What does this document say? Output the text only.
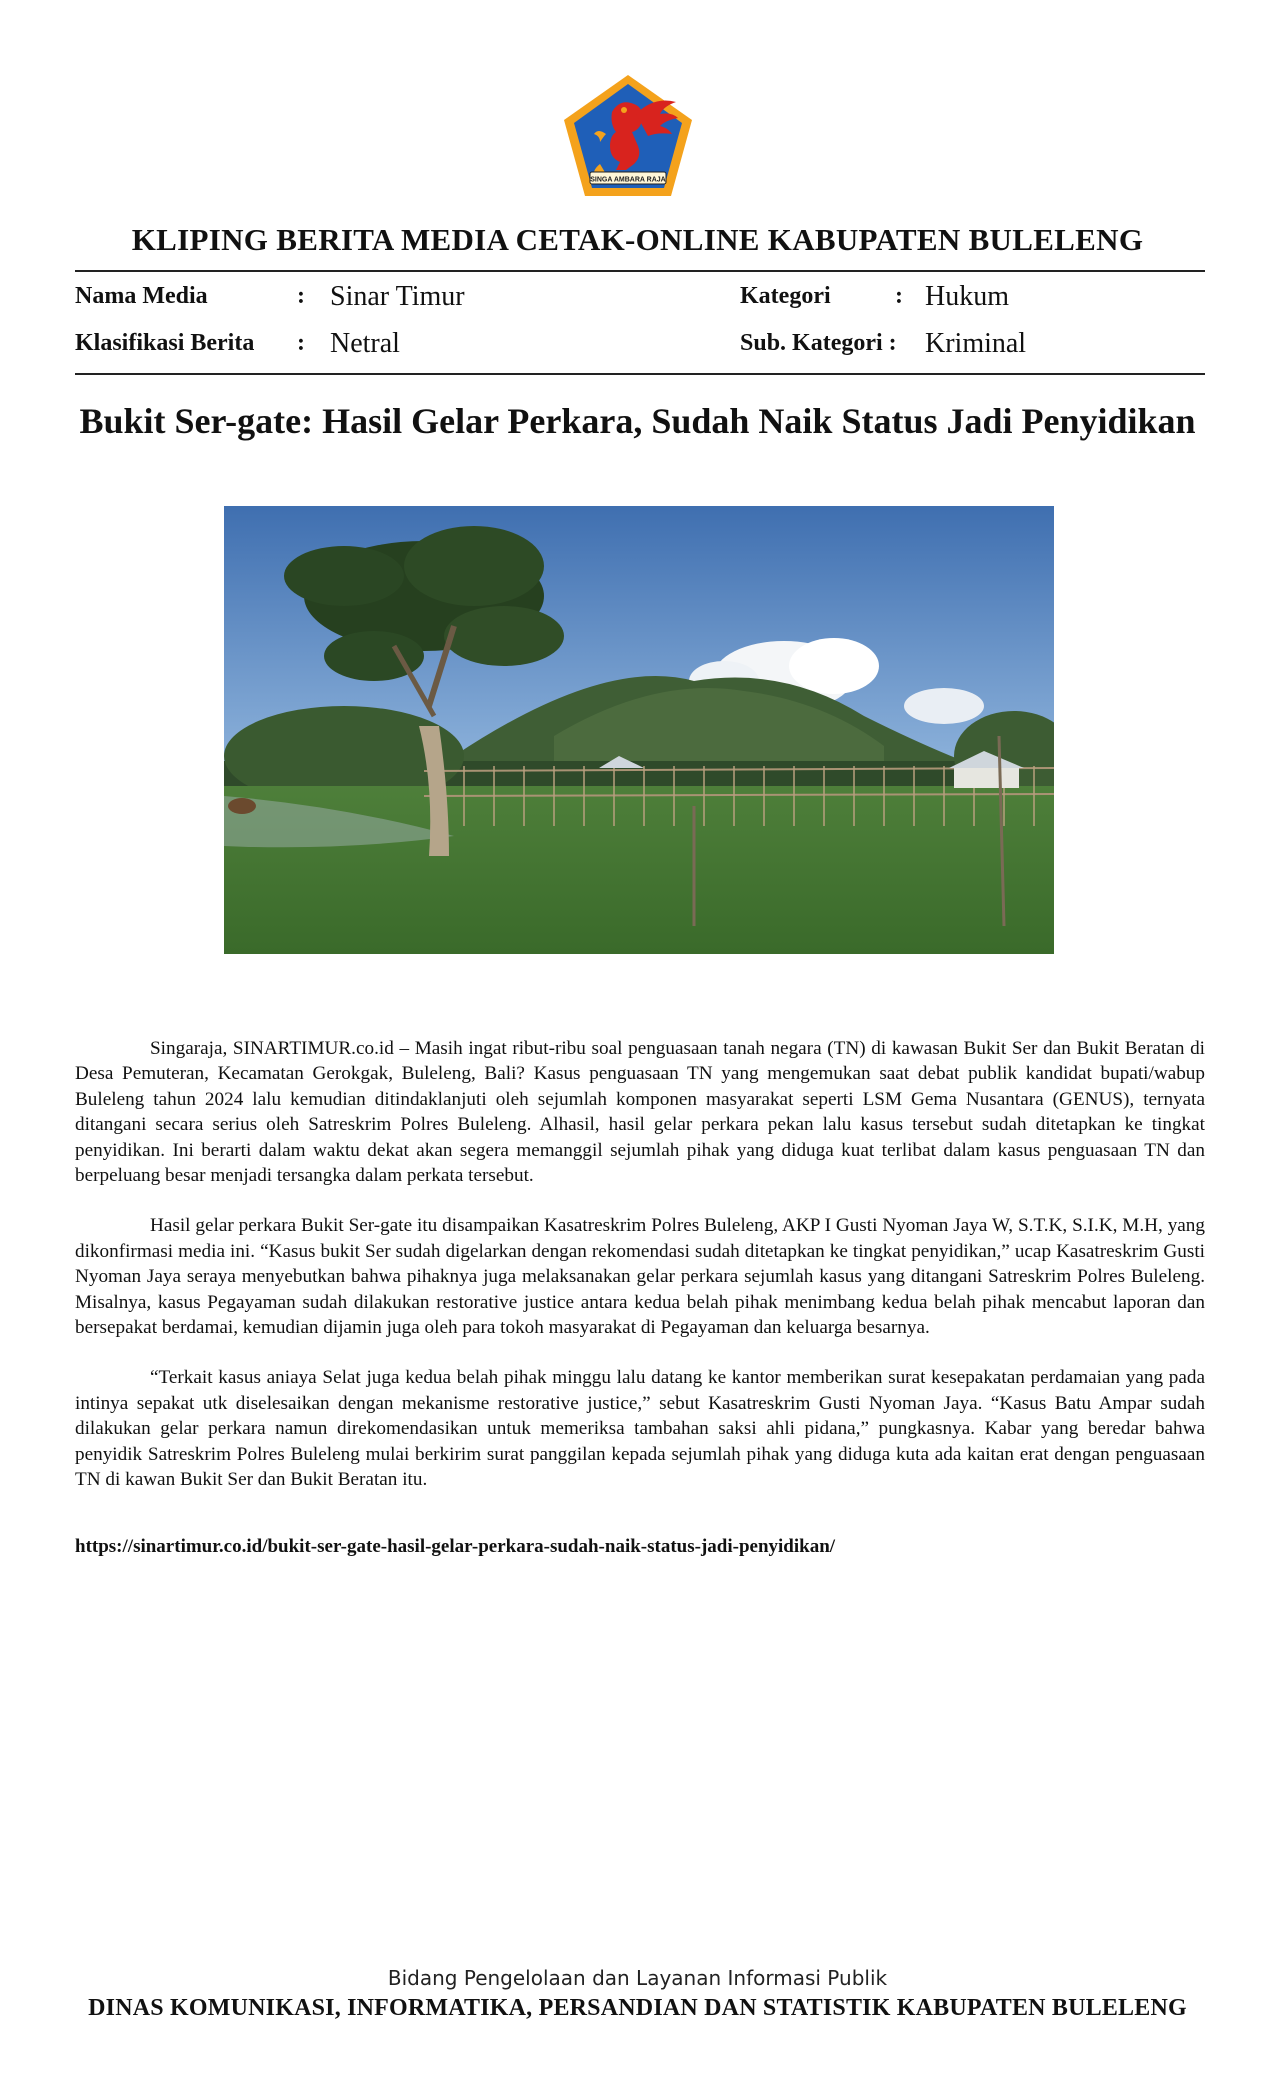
SINGA AMBARA RAJA
KLIPING BERITA MEDIA CETAK-ONLINE KABUPATEN BULELENG
Nama Media	: Sinar Timur
Klasifikasi Berita : Netral
Kategori	: Hukum
Sub. Kategori : Kriminal
Bukit Ser-gate: Hasil Gelar Perkara, Sudah Naik Status Jadi Penyidikan

Singaraja, SINARTIMUR.co.id – Masih ingat ribut-ribu soal penguasaan tanah negara (TN) di kawasan Bukit Ser dan Bukit Beratan di Desa Pemuteran, Kecamatan Gerokgak, Buleleng, Bali? Kasus penguasaan TN yang mengemukan saat debat publik kandidat bupati/wabup Buleleng tahun 2024 lalu kemudian ditindaklanjuti oleh sejumlah komponen masyarakat seperti LSM Gema Nusantara (GENUS), ternyata ditangani secara serius oleh Satreskrim Polres Buleleng. Alhasil, hasil gelar perkara pekan lalu kasus tersebut sudah ditetapkan ke tingkat penyidikan. Ini berarti dalam waktu dekat akan segera memanggil sejumlah pihak yang diduga kuat terlibat dalam kasus penguasaan TN dan berpeluang besar menjadi tersangka dalam perkata tersebut.

Hasil gelar perkara Bukit Ser-gate itu disampaikan Kasatreskrim Polres Buleleng, AKP I Gusti Nyoman Jaya W, S.T.K, S.I.K, M.H, yang dikonfirmasi media ini. “Kasus bukit Ser sudah digelarkan dengan rekomendasi sudah ditetapkan ke tingkat penyidikan,” ucap Kasatreskrim Gusti Nyoman Jaya seraya menyebutkan bahwa pihaknya juga melaksanakan gelar perkara sejumlah kasus yang ditangani Satreskrim Polres Buleleng. Misalnya, kasus Pegayaman sudah dilakukan restorative justice antara kedua belah pihak menimbang kedua belah pihak mencabut laporan dan bersepakat berdamai, kemudian dijamin juga oleh para tokoh masyarakat di Pegayaman dan keluarga besarnya.

“Terkait kasus aniaya Selat juga kedua belah pihak minggu lalu datang ke kantor memberikan surat kesepakatan perdamaian yang pada intinya sepakat utk diselesaikan dengan mekanisme restorative justice,” sebut Kasatreskrim Gusti Nyoman Jaya. “Kasus Batu Ampar sudah dilakukan gelar perkara namun direkomendasikan untuk memeriksa tambahan saksi ahli pidana,” pungkasnya. Kabar yang beredar bahwa penyidik Satreskrim Polres Buleleng mulai berkirim surat panggilan kepada sejumlah pihak yang diduga kuta ada kaitan erat dengan penguasaan TN di kawan Bukit Ser dan Bukit Beratan itu.

https://sinartimur.co.id/bukit-ser-gate-hasil-gelar-perkara-sudah-naik-status-jadi-penyidikan/
Bidang Pengelolaan dan Layanan Informasi Publik
DINAS KOMUNIKASI, INFORMATIKA, PERSANDIAN DAN STATISTIK KABUPATEN BULELENG
